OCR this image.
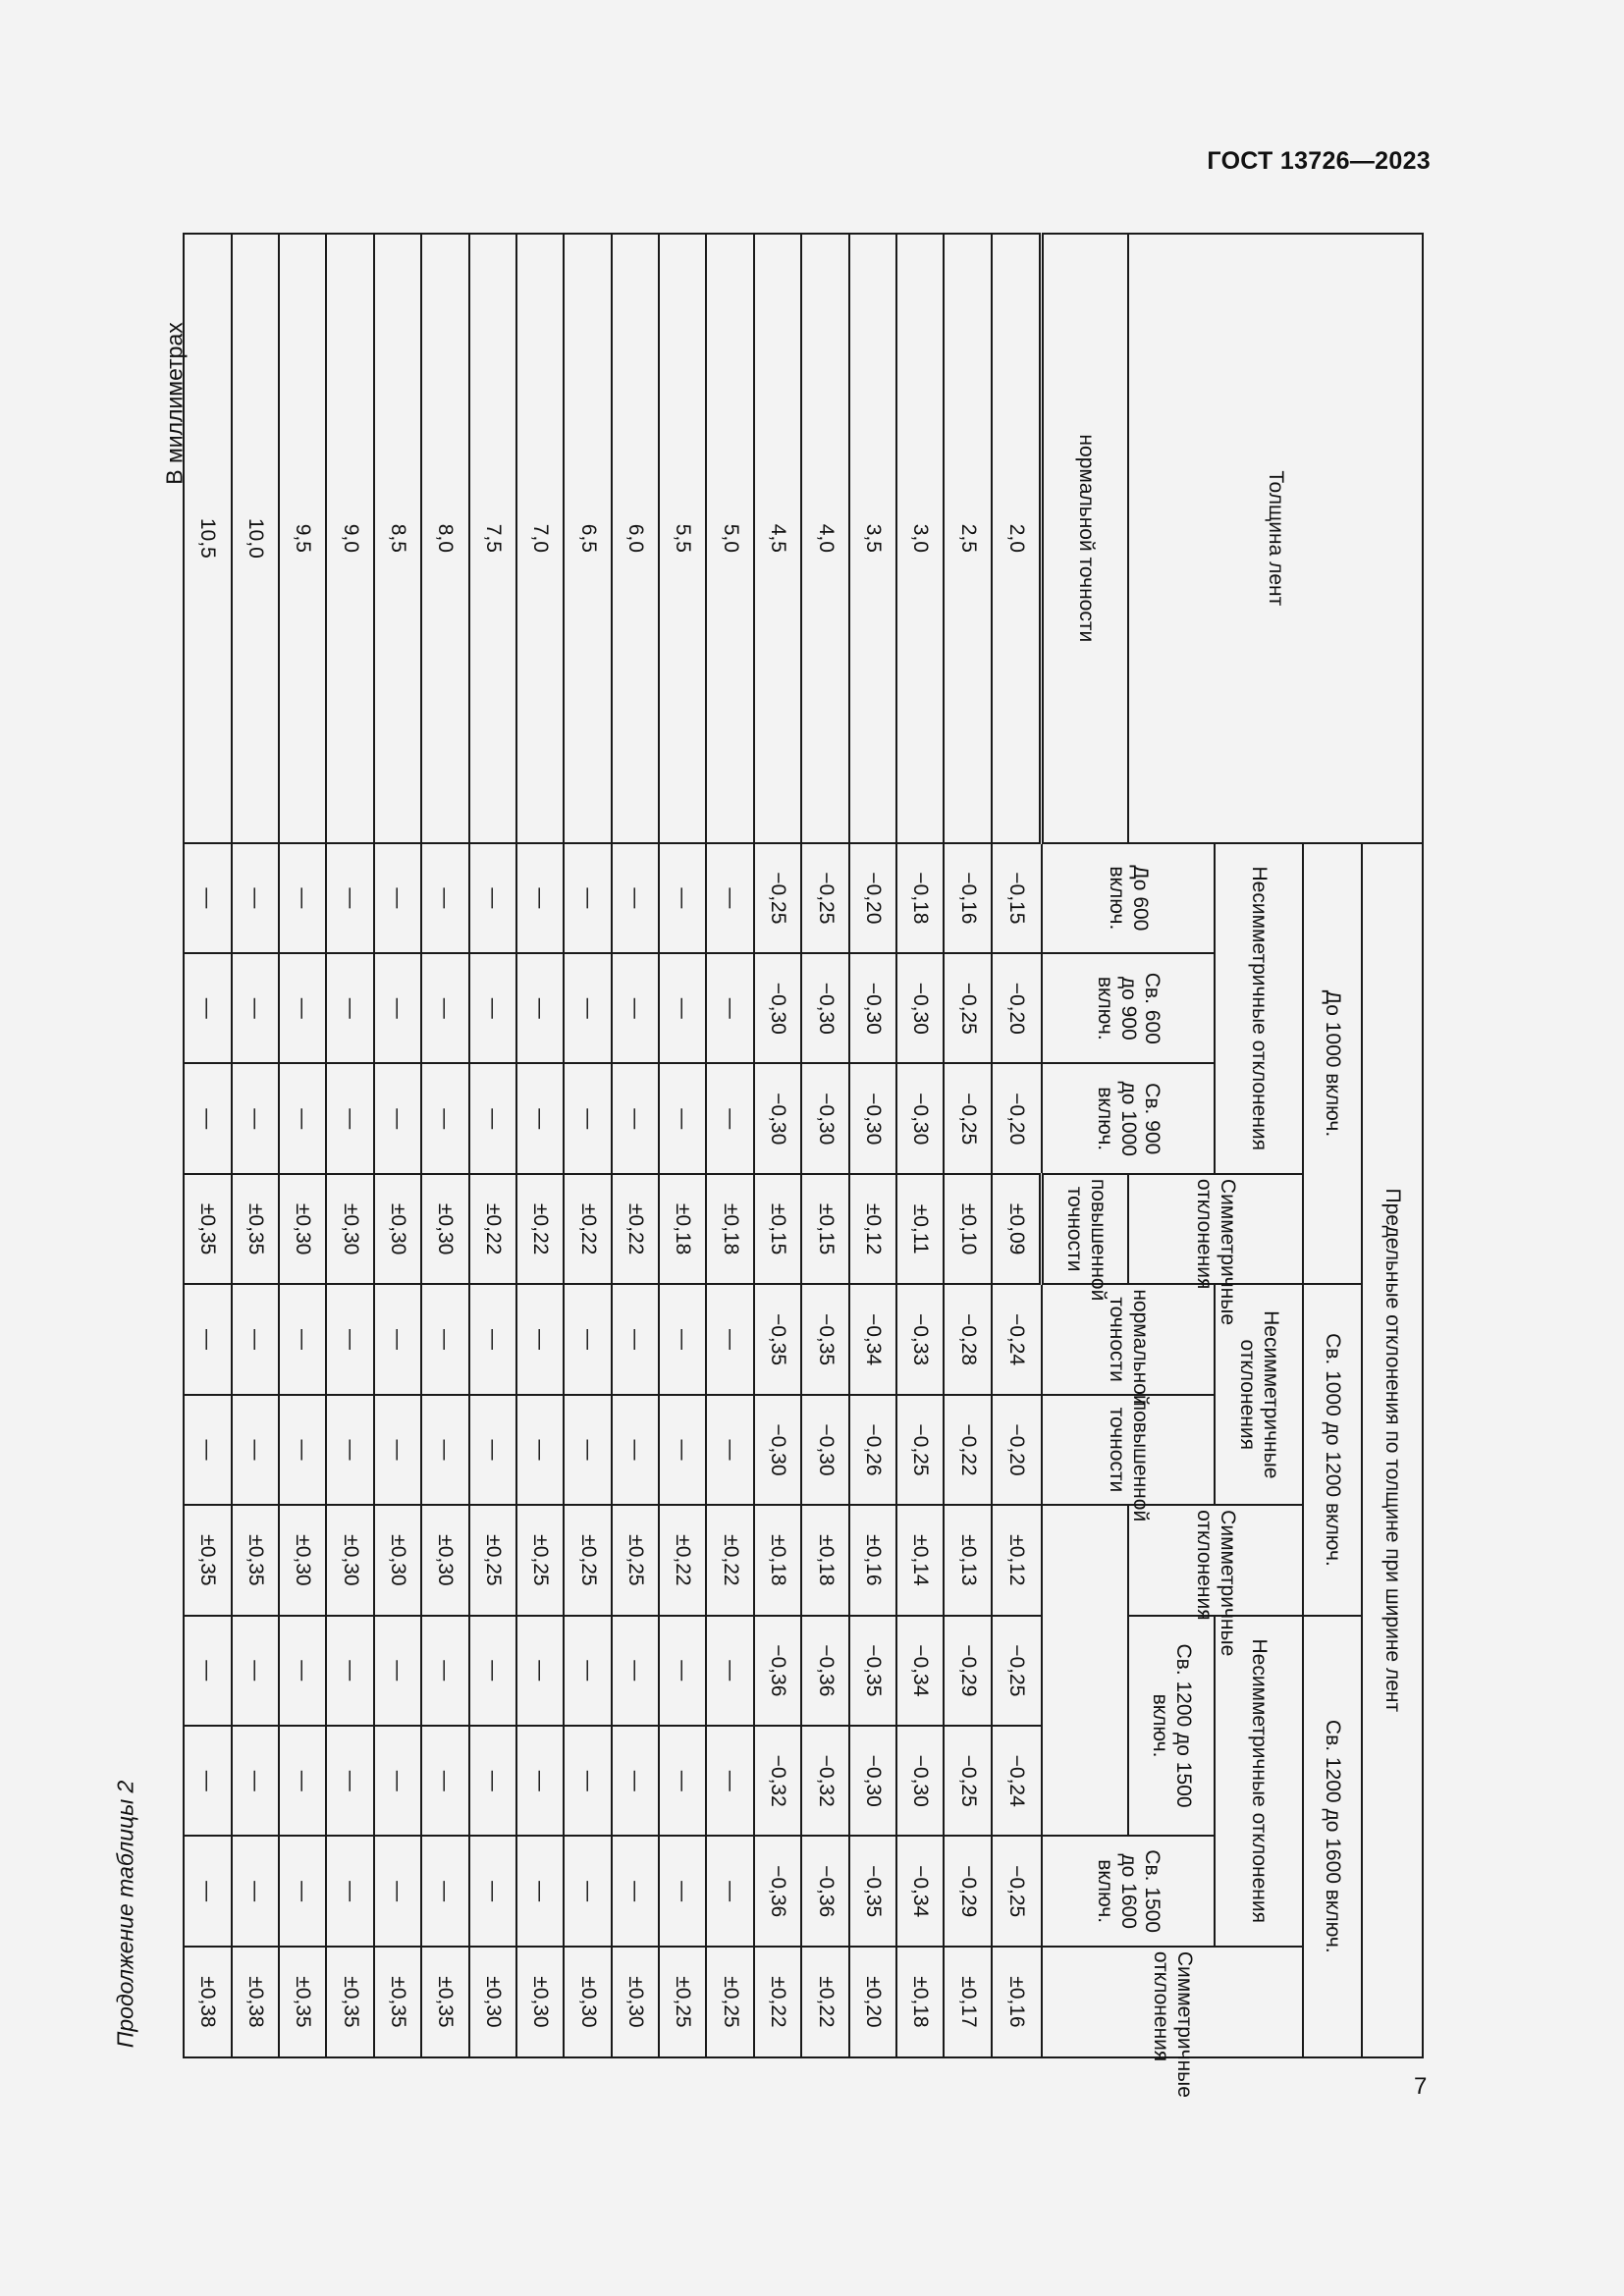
ГОСТ 13726—2023
В миллиметрах
Продолжение таблицы 2
7
Толщина лент	Предельные отклонения по толщине при ширине лент										
	До 1000 включ.				Св. 1000 до 1200 включ.			Св. 1200 до 1600 включ.			
	Несимметричные отклонения			Симметричные отклонения	Несимметричные отклонения		Симметричные отклонения	Несимметричные отклонения			Симметричные отклонения
	До 600 включ.	Св. 600 до 900 включ.	Св. 900 до 1000 включ.		нормальной точности	повышенной точности		Св. 1200 до 1500 включ.		Св. 1500 до 1600 включ.	
нормальной точности				повышенной точности							
2,0	−0,15	−0,20	−0,20	±0,09	−0,24	−0,20	±0,12	−0,25	−0,24	−0,25	±0,16
2,5	−0,16	−0,25	−0,25	±0,10	−0,28	−0,22	±0,13	−0,29	−0,25	−0,29	±0,17
3,0	−0,18	−0,30	−0,30	±0,11	−0,33	−0,25	±0,14	−0,34	−0,30	−0,34	±0,18
3,5	−0,20	−0,30	−0,30	±0,12	−0,34	−0,26	±0,16	−0,35	−0,30	−0,35	±0,20
4,0	−0,25	−0,30	−0,30	±0,15	−0,35	−0,30	±0,18	−0,36	−0,32	−0,36	±0,22
4,5	−0,25	−0,30	−0,30	±0,15	−0,35	−0,30	±0,18	−0,36	−0,32	−0,36	±0,22
5,0	—	—	—	±0,18	—	—	±0,22	—	—	—	±0,25
5,5	—	—	—	±0,18	—	—	±0,22	—	—	—	±0,25
6,0	—	—	—	±0,22	—	—	±0,25	—	—	—	±0,30
6,5	—	—	—	±0,22	—	—	±0,25	—	—	—	±0,30
7,0	—	—	—	±0,22	—	—	±0,25	—	—	—	±0,30
7,5	—	—	—	±0,22	—	—	±0,25	—	—	—	±0,30
8,0	—	—	—	±0,30	—	—	±0,30	—	—	—	±0,35
8,5	—	—	—	±0,30	—	—	±0,30	—	—	—	±0,35
9,0	—	—	—	±0,30	—	—	±0,30	—	—	—	±0,35
9,5	—	—	—	±0,30	—	—	±0,30	—	—	—	±0,35
10,0	—	—	—	±0,35	—	—	±0,35	—	—	—	±0,38
10,5	—	—	—	±0,35	—	—	±0,35	—	—	—	±0,38
